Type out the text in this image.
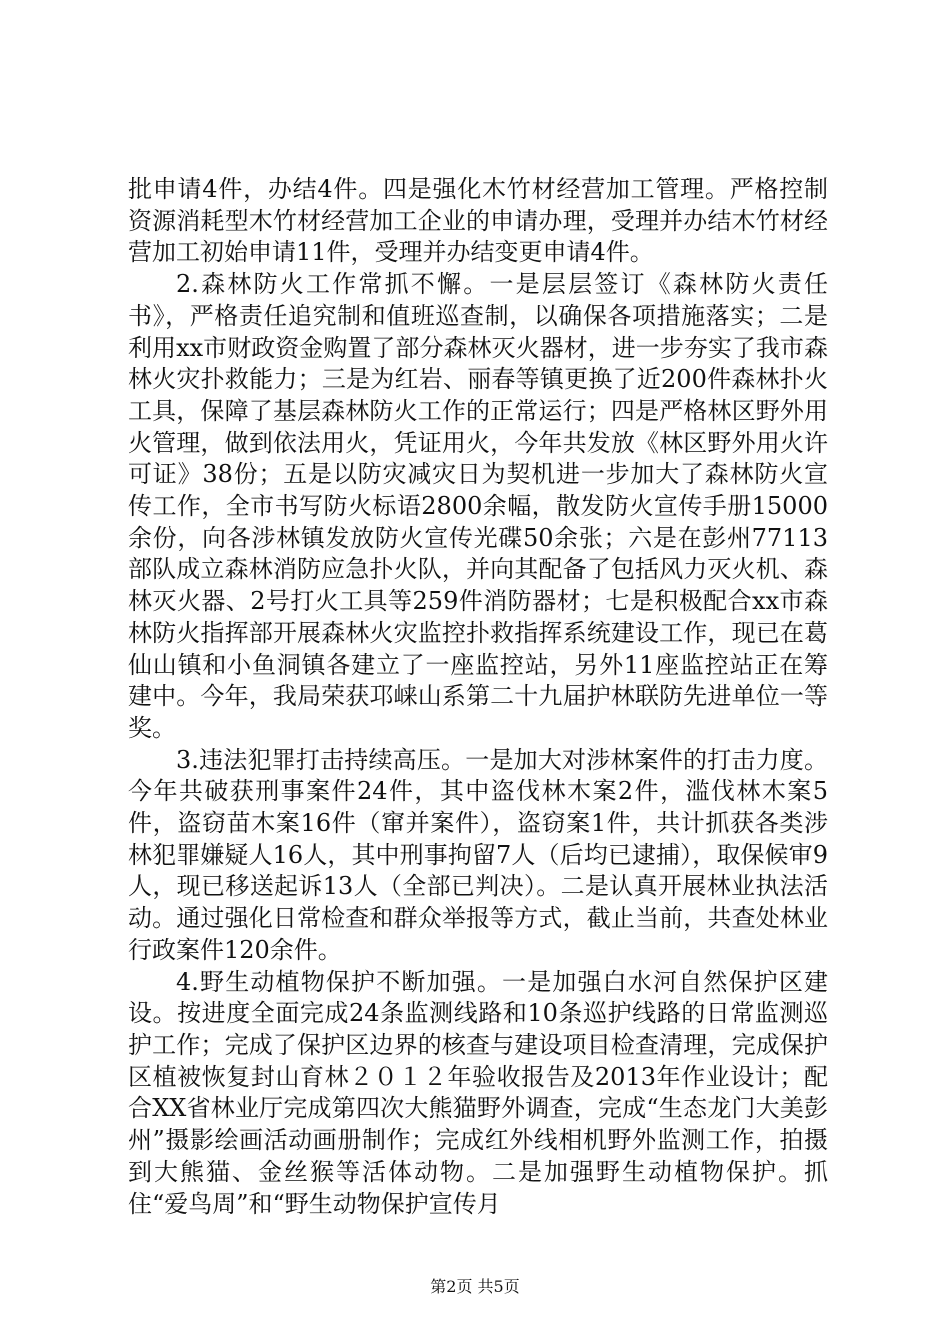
批申请4件，办结4件。四是强化木竹材经营加工管理。严格控制资源消耗型木竹材经营加工企业的申请办理，受理并办结木竹材经营加工初始申请11件，受理并办结变更申请4件。

2.森林防火工作常抓不懈。一是层层签订《森林防火责任书》，严格责任追究制和值班巡查制，以确保各项措施落实；二是利用xx市财政资金购置了部分森林灭火器材，进一步夯实了我市森林火灾扑救能力；三是为红岩、丽春等镇更换了近200件森林扑火工具，保障了基层森林防火工作的正常运行；四是严格林区野外用火管理，做到依法用火，凭证用火，今年共发放《林区野外用火许可证》38份；五是以防灾减灾日为契机进一步加大了森林防火宣传工作，全市书写防火标语2800余幅，散发防火宣传手册15000余份，向各涉林镇发放防火宣传光碟50余张；六是在彭州77113部队成立森林消防应急扑火队，并向其配备了包括风力灭火机、森林灭火器、2号打火工具等259件消防器材；七是积极配合xx市森林防火指挥部开展森林火灾监控扑救指挥系统建设工作，现已在葛仙山镇和小鱼洞镇各建立了一座监控站，另外11座监控站正在筹建中。今年，我局荣获邛崃山系第二十九届护林联防先进单位一等奖。

3.违法犯罪打击持续高压。一是加大对涉林案件的打击力度。今年共破获刑事案件24件，其中盗伐林木案2件，滥伐林木案5件，盗窃苗木案16件（窜并案件），盗窃案1件，共计抓获各类涉林犯罪嫌疑人16人，其中刑事拘留7人（后均已逮捕），取保候审9人，现已移送起诉13人（全部已判决）。二是认真开展林业执法活动。通过强化日常检查和群众举报等方式，截止当前，共查处林业行政案件120余件。

4.野生动植物保护不断加强。一是加强白水河自然保护区建设。按进度全面完成24条监测线路和10条巡护线路的日常监测巡护工作；完成了保护区边界的核查与建设项目检查清理，完成保护区植被恢复封山育林２０１２年验收报告及2013年作业设计；配合XX省林业厅完成第四次大熊猫野外调查，完成“生态龙门大美彭州”摄影绘画活动画册制作；完成红外线相机野外监测工作，拍摄到大熊猫、金丝猴等活体动物。二是加强野生动植物保护。抓住“爱鸟周”和“野生动物保护宣传月

第2页 共5页
